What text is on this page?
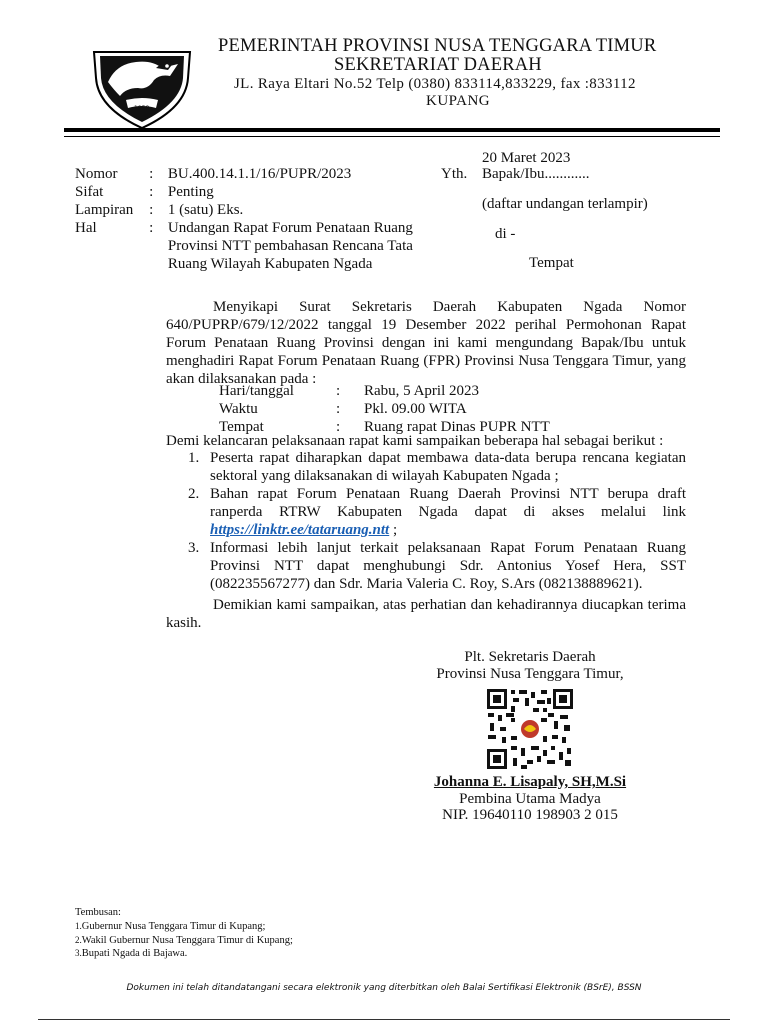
1958
PEMERINTAH PROVINSI NUSA TENGGARA TIMUR
SEKRETARIAT DAERAH
JL. Raya Eltari No.52 Telp (0380) 833114,833229, fax :833112
KUPANG
20 Maret 2023
Yth. Bapak/Ibu............
(daftar undangan terlampir)
di -
Tempat
Nomor	: BU.400.14.1.1/16/PUPR/2023
Sifat	: Penting
Lampiran	: 1 (satu) Eks.
Hal	: Undangan Rapat Forum Penataan Ruang Provinsi NTT pembahasan Rencana Tata Ruang Wilayah Kabupaten Ngada
Menyikapi Surat Sekretaris Daerah Kabupaten Ngada Nomor 640/PUPRP/679/12/2022 tanggal 19 Desember 2022 perihal Permohonan Rapat Forum Penataan Ruang Provinsi dengan ini kami mengundang Bapak/Ibu untuk menghadiri Rapat Forum Penataan Ruang (FPR) Provinsi Nusa Tenggara Timur, yang akan dilaksanakan pada :
Hari/tanggal	:	Rabu, 5 April 2023
Waktu	:	Pkl. 09.00 WITA
Tempat	:	Ruang rapat Dinas PUPR NTT
Demi kelancaran pelaksanaan rapat kami sampaikan beberapa hal sebagai berikut :
1. Peserta rapat diharapkan dapat membawa data-data berupa rencana kegiatan sektoral yang dilaksanakan di wilayah Kabupaten Ngada ;
2. Bahan rapat Forum Penataan Ruang Daerah Provinsi NTT berupa draft ranperda RTRW Kabupaten Ngada dapat di akses melalui link https://linktr.ee/tataruang.ntt ;
3. Informasi lebih lanjut terkait pelaksanaan Rapat Forum Penataan Ruang Provinsi NTT dapat menghubungi Sdr. Antonius Yosef Hera, SST (082235567277) dan Sdr. Maria Valeria C. Roy, S.Ars (082138889621).
Demikian kami sampaikan, atas perhatian dan kehadirannya diucapkan terima kasih.
Plt. Sekretaris Daerah
Provinsi Nusa Tenggara Timur,
Johanna E. Lisapaly, SH,M.Si
Pembina Utama Madya
NIP. 19640110 198903 2 015
Tembusan:
1.Gubernur Nusa Tenggara Timur di Kupang;
2.Wakil Gubernur Nusa Tenggara Timur di Kupang;
3.Bupati Ngada di Bajawa.
Dokumen ini telah ditandatangani secara elektronik yang diterbitkan oleh Balai Sertifikasi Elektronik (BSrE), BSSN
